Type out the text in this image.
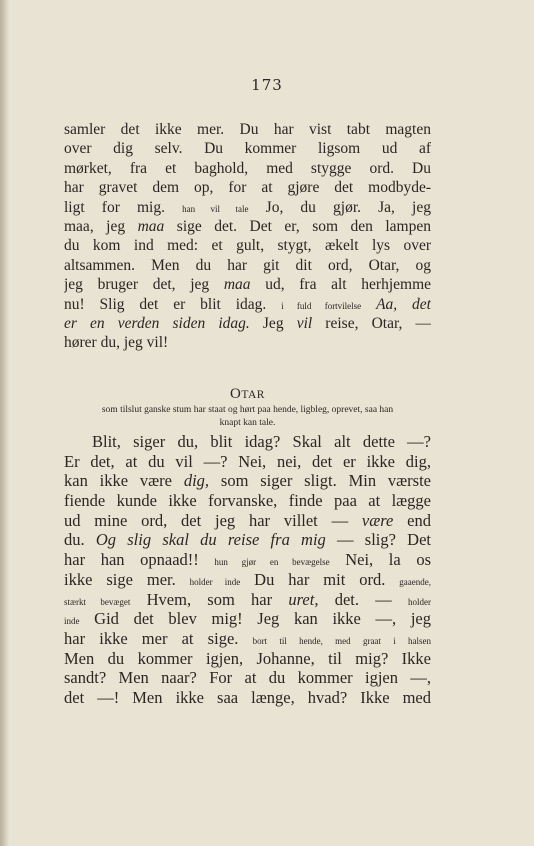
173
samler det ikke mer. Du har vist tabt magten
over dig selv. Du kommer ligsom ud af
mørket, fra et baghold, med stygge ord. Du
har gravet dem op, for at gjøre det modbyde-
ligt for mig. han vil tale Jo, du gjør. Ja, jeg
maa, jeg maa sige det. Det er, som den lampen
du kom ind med: et gult, stygt, ækelt lys over
altsammen. Men du har git dit ord, Otar, og
jeg bruger det, jeg maa ud, fra alt herhjemme
nu! Slig det er blit idag. i fuld fortvilelse Aa, det
er en verden siden idag. Jeg vil reise, Otar, —
hører du, jeg vil!
OTAR
som tilslut ganske stum har staat og hørt paa hende, ligbleg, oprevet, saa han
knapt kan tale.
Blit, siger du, blit idag? Skal alt dette —?
Er det, at du vil —? Nei, nei, det er ikke dig,
kan ikke være dig, som siger sligt. Min værste
fiende kunde ikke forvanske, finde paa at lægge
ud mine ord, det jeg har villet — være end
du. Og slig skal du reise fra mig — slig? Det
har han opnaad!! hun gjør en bevægelse Nei, la os
ikke sige mer. holder inde Du har mit ord. gaaende,
stærkt bevæget Hvem, som har uret, det. — holder
inde Gid det blev mig! Jeg kan ikke —, jeg
har ikke mer at sige. bort til hende, med graat i halsen
Men du kommer igjen, Johanne, til mig? Ikke
sandt? Men naar? For at du kommer igjen —,
det —! Men ikke saa længe, hvad? Ikke med
